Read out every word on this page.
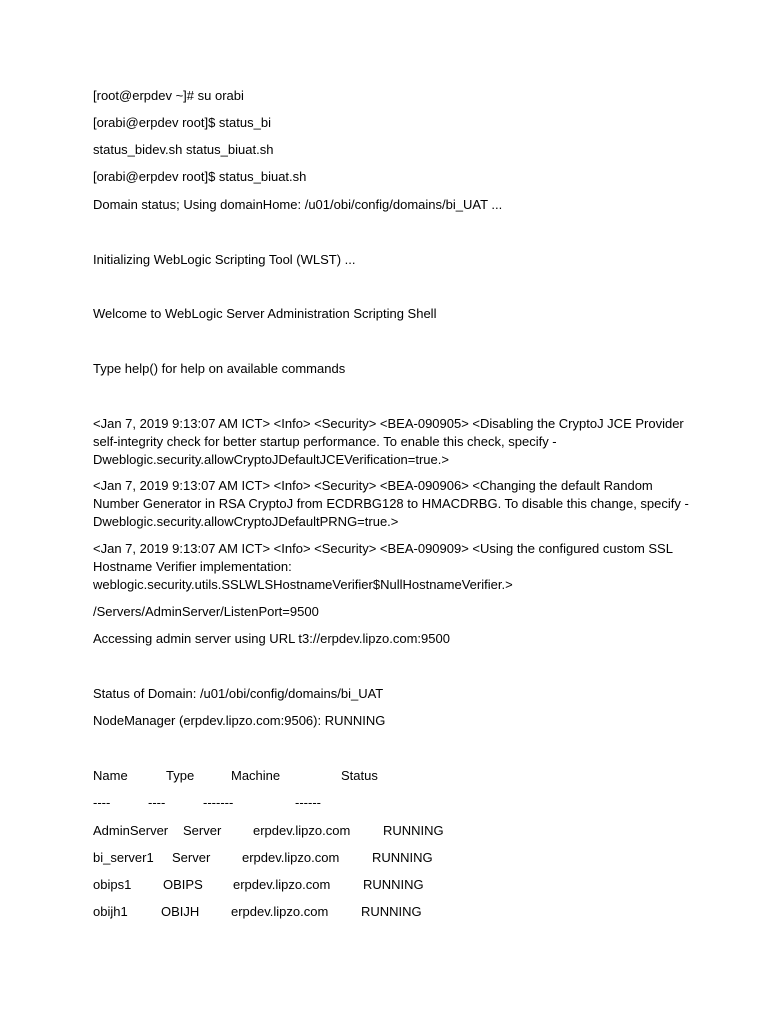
[root@erpdev ~]# su orabi
[orabi@erpdev root]$ status_bi
status_bidev.sh status_biuat.sh
[orabi@erpdev root]$ status_biuat.sh
Domain status; Using domainHome: /u01/obi/config/domains/bi_UAT ...
Initializing WebLogic Scripting Tool (WLST) ...
Welcome to WebLogic Server Administration Scripting Shell
Type help() for help on available commands
<Jan 7, 2019 9:13:07 AM ICT> <Info> <Security> <BEA-090905> <Disabling the CryptoJ JCE Provider
self-integrity check for better startup performance. To enable this check, specify -
Dweblogic.security.allowCryptoJDefaultJCEVerification=true.>
<Jan 7, 2019 9:13:07 AM ICT> <Info> <Security> <BEA-090906> <Changing the default Random
Number Generator in RSA CryptoJ from ECDRBG128 to HMACDRBG. To disable this change, specify -
Dweblogic.security.allowCryptoJDefaultPRNG=true.>
<Jan 7, 2019 9:13:07 AM ICT> <Info> <Security> <BEA-090909> <Using the configured custom SSL
Hostname Verifier implementation:
weblogic.security.utils.SSLWLSHostnameVerifier$NullHostnameVerifier.>
/Servers/AdminServer/ListenPort=9500
Accessing admin server using URL t3://erpdev.lipzo.com:9500
Status of Domain: /u01/obi/config/domains/bi_UAT
NodeManager (erpdev.lipzo.com:9506): RUNNING
Name	Type	Machine	Status
----	----	-------	------
AdminServer Server erpdev.lipzo.com	RUNNING
bi_server1 Server erpdev.lipzo.com	RUNNING
obips1 OBIPS erpdev.lipzo.com	RUNNING
obijh1	OBIJH erpdev.lipzo.com	RUNNING
